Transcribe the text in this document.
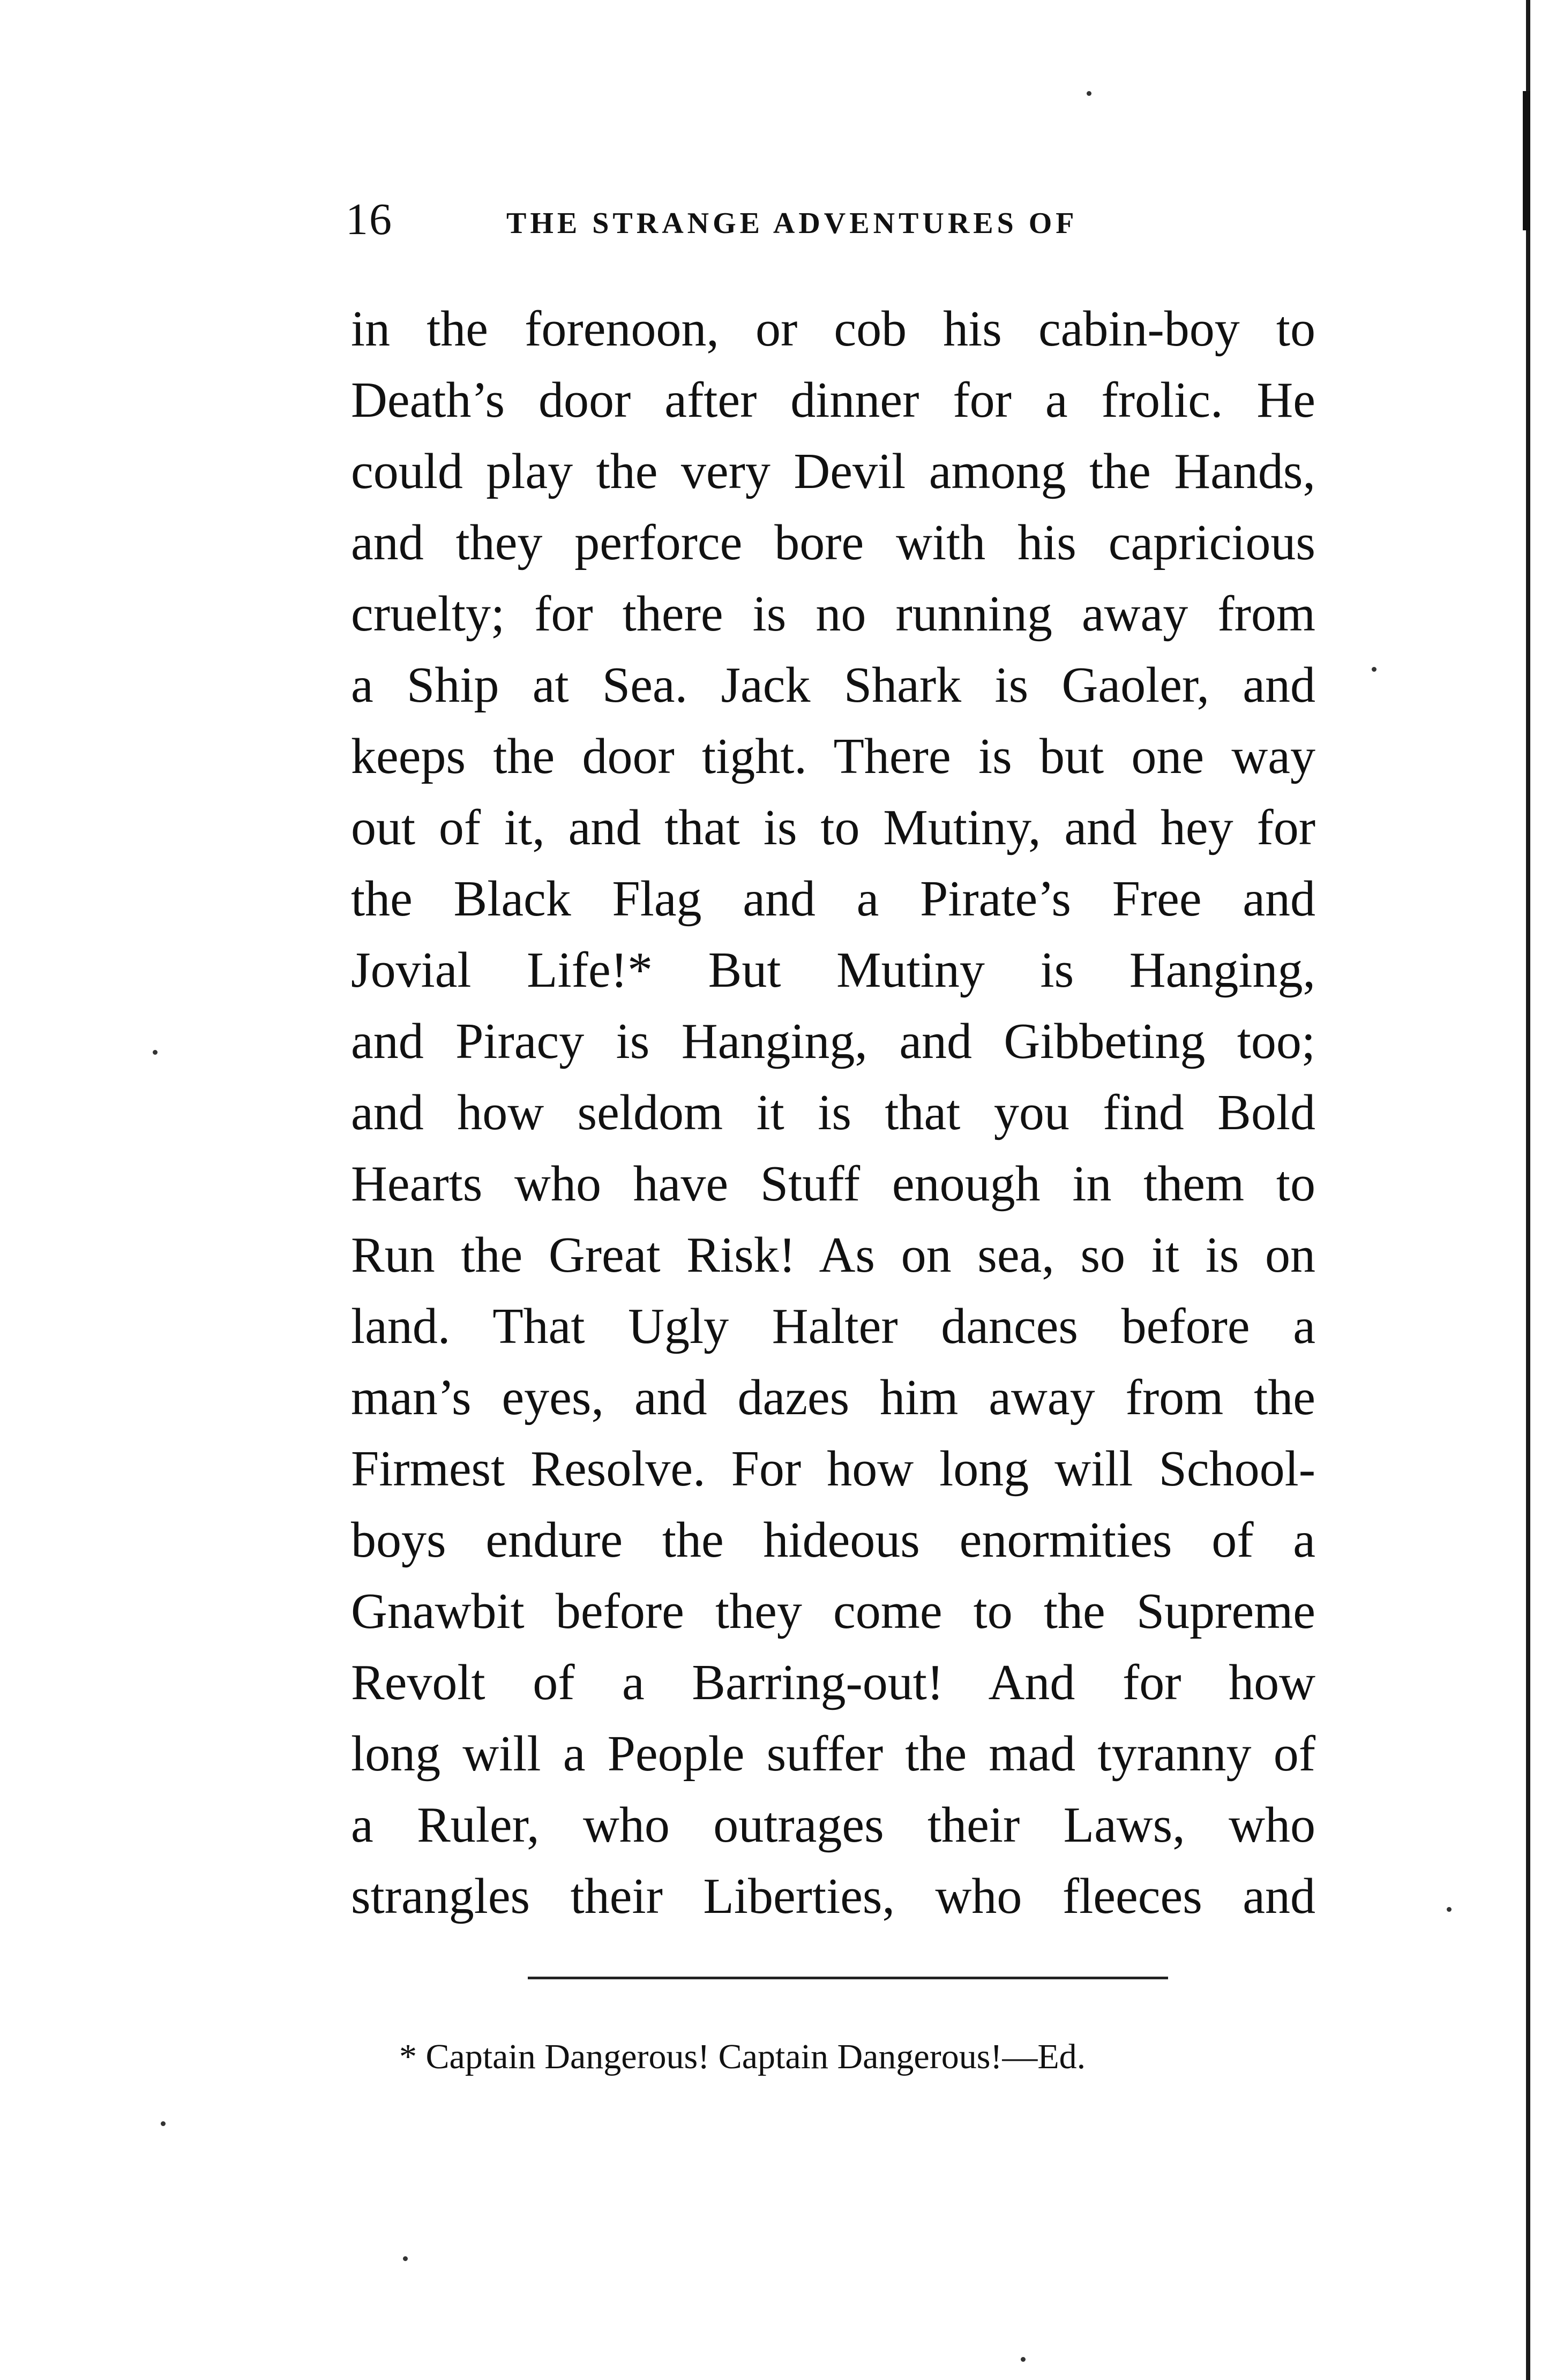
16	THE STRANGE ADVENTURES OF
in the forenoon, or cob his cabin-boy to
Death’s door after dinner for a frolic. He
could play the very Devil among the Hands,
and they perforce bore with his capricious
cruelty; for there is no running away from
a Ship at Sea. Jack Shark is Gaoler, and
keeps the door tight. There is but one way
out of it, and that is to Mutiny, and hey for
the Black Flag and a Pirate’s Free and
Jovial Life!* But Mutiny is Hanging,
and Piracy is Hanging, and Gibbeting too;
and how seldom it is that you find Bold
Hearts who have Stuff enough in them to
Run the Great Risk! As on sea, so it is on
land. That Ugly Halter dances before a
man’s eyes, and dazes him away from the
Firmest Resolve. For how long will School-
boys endure the hideous enormities of a
Gnawbit before they come to the Supreme
Revolt of a Barring-out! And for how
long will a People suffer the mad tyranny of
a Ruler, who outrages their Laws, who
strangles their Liberties, who fleeces and
* Captain Dangerous! Captain Dangerous!—Ed.
